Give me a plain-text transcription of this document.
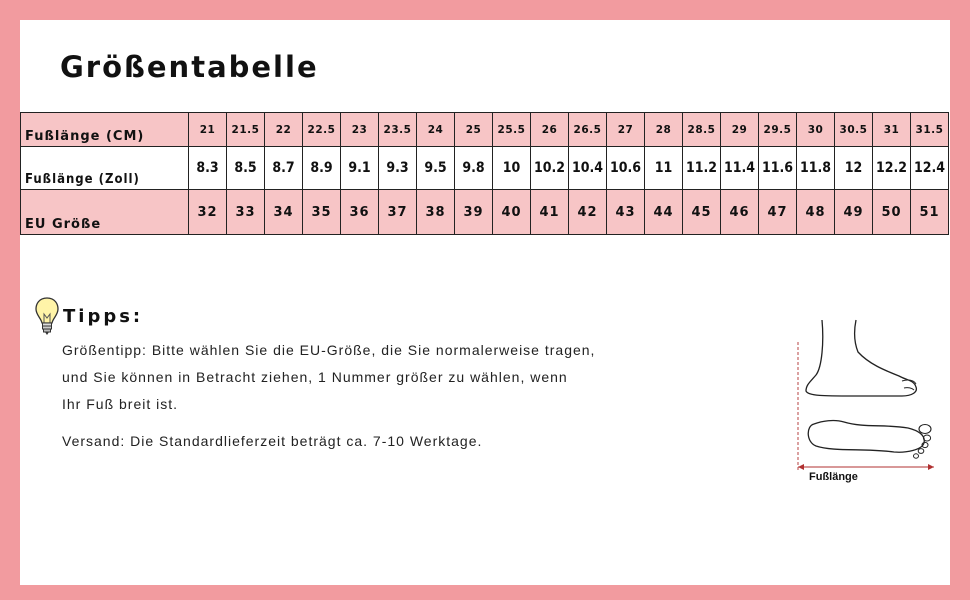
Größentabelle
Fußlänge (CM)	21	21.5	22	22.5	23	23.5	24	25	25.5	26	26.5	27	28	28.5	29	29.5	30	30.5	31	31.5
Fußlänge (Zoll)	8.3	8.5	8.7	8.9	9.1	9.3	9.5	9.8	10	10.2	10.4	10.6	11	11.2	11.4	11.6	11.8	12	12.2	12.4
EU Größe	32	33	34	35	36	37	38	39	40	41	42	43	44	45	46	47	48	49	50	51
Tipps:
Größentipp: Bitte wählen Sie die EU-Größe, die Sie normalerweise tragen,
und Sie können in Betracht ziehen, 1 Nummer größer zu wählen, wenn
Ihr Fuß breit ist.
Versand: Die Standardlieferzeit beträgt ca. 7-10 Werktage.
Fußlänge
